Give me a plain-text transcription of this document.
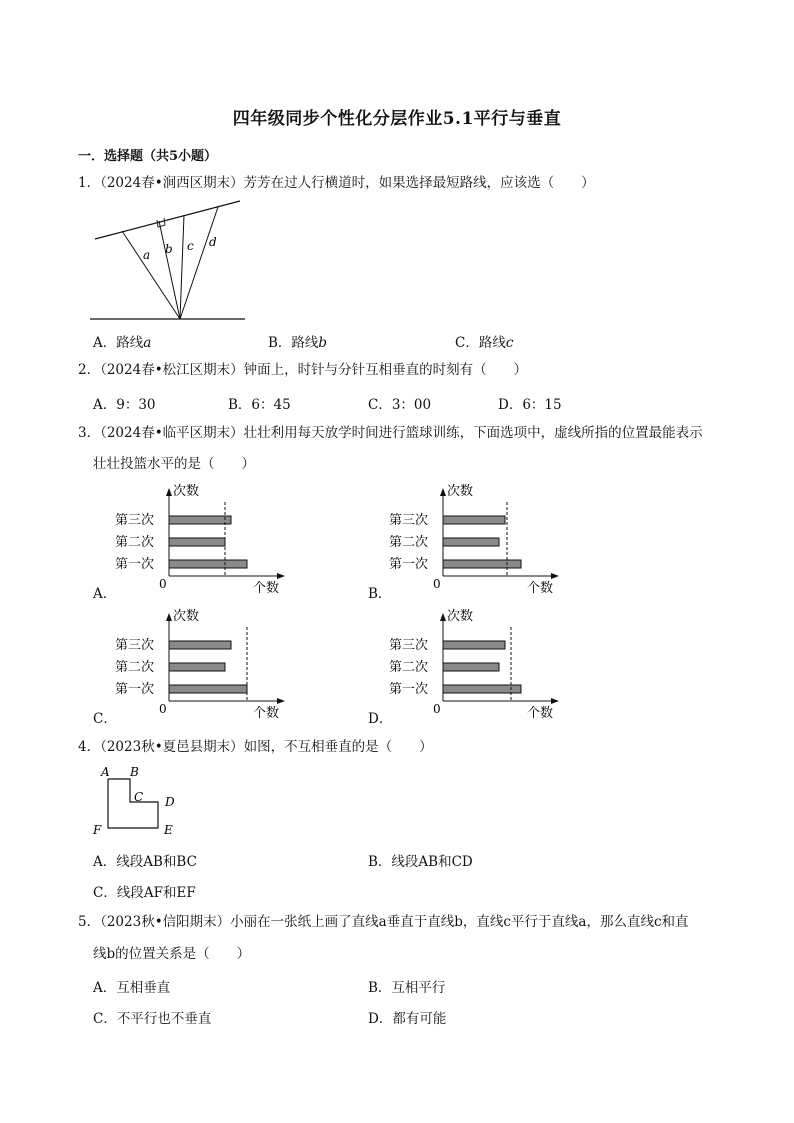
四年级同步个性化分层作业5.1平行与垂直
一．选择题（共5小题）
1．（2024春•涧西区期末）芳芳在过人行横道时，如果选择最短路线，应该选（　　）
a b c d
A．路线a	B．路线b	C．路线c
2．（2024春•松江区期末）钟面上，时针与分针互相垂直的时刻有（　　）
A．9：30	B．6：45	C．3：00	D．6：15
3．（2024春•临平区期末）壮壮利用每天放学时间进行篮球训练，下面选项中，虚线所指的位置最能表示
壮壮投篮水平的是（　　）
A．	B．
C．	D．
次数
个数
0
第三次
第二次
第一次
次数
个数
0
第三次
第二次
第一次
次数
个数
0
第三次
第二次
第一次
次数
个数
0
第三次
第二次
第一次
4．（2023秋•夏邑县期末）如图，不互相垂直的是（　　）
A B
C D
E
F
A．线段AB和BC	B．线段AB和CD
C．线段AF和EF
5．（2023秋•信阳期末）小丽在一张纸上画了直线a垂直于直线b，直线c平行于直线a，那么直线c和直
线b的位置关系是（　　）
A．互相垂直	B．互相平行
C．不平行也不垂直	D．都有可能
